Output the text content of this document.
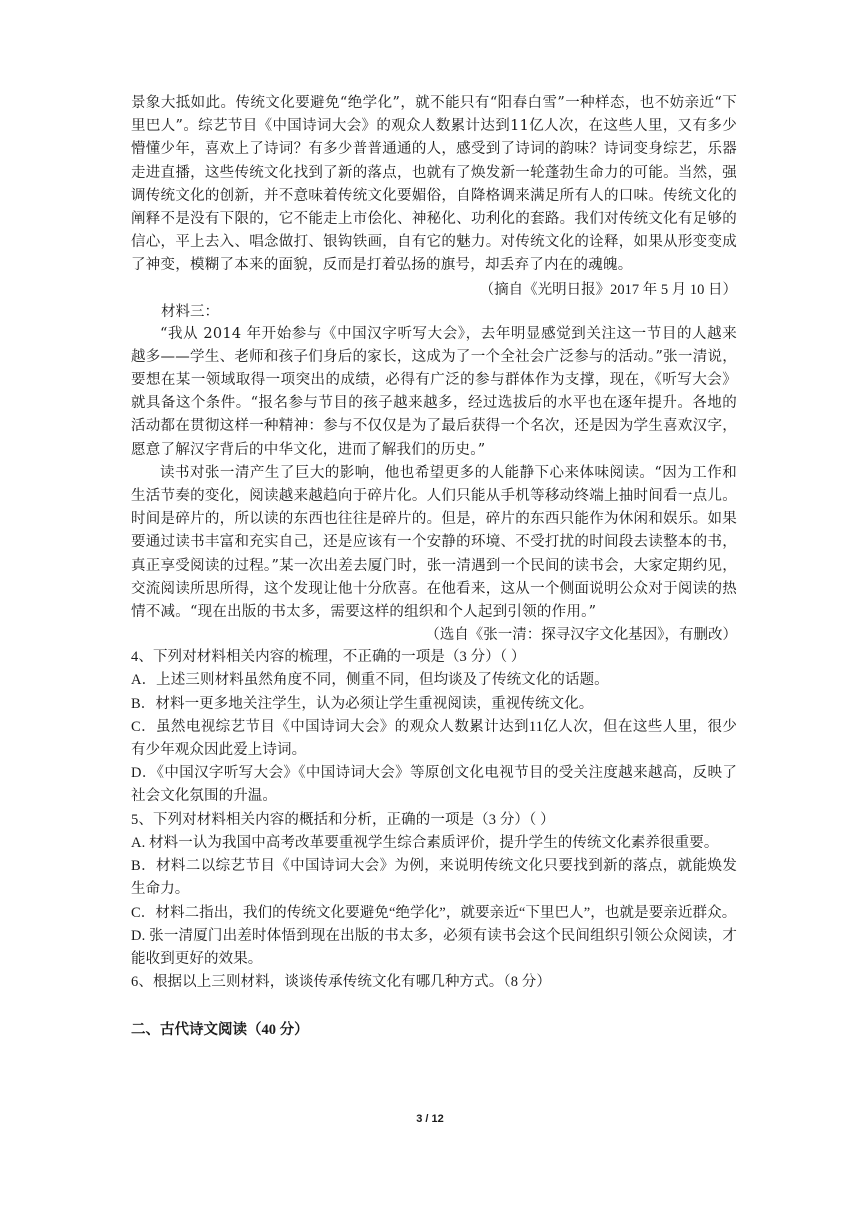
景象大抵如此。传统文化要避免“绝学化”，就不能只有“阳春白雪”一种样态，也不妨亲近“下里巴人”。综艺节目《中国诗词大会》的观众人数累计达到11亿人次，在这些人里，又有多少懵懂少年，喜欢上了诗词？有多少普普通通的人，感受到了诗词的韵味？诗词变身综艺，乐器走进直播，这些传统文化找到了新的落点，也就有了焕发新一轮蓬勃生命力的可能。当然，强调传统文化的创新，并不意味着传统文化要媚俗，自降格调来满足所有人的口味。传统文化的阐释不是没有下限的，它不能走上市侩化、神秘化、功利化的套路。我们对传统文化有足够的信心，平上去入、唱念做打、银钩铁画，自有它的魅力。对传统文化的诠释，如果从形变变成了神变，模糊了本来的面貌，反而是打着弘扬的旗号，却丢弃了内在的魂魄。

（摘自《光明日报》2017 年 5 月 10 日）

材料三：

“我从 2014 年开始参与《中国汉字听写大会》，去年明显感觉到关注这一节目的人越来越多——学生、老师和孩子们身后的家长，这成为了一个全社会广泛参与的活动。”张一清说，要想在某一领域取得一项突出的成绩，必得有广泛的参与群体作为支撑，现在，《听写大会》就具备这个条件。“报名参与节目的孩子越来越多，经过选拔后的水平也在逐年提升。各地的活动都在贯彻这样一种精神：参与不仅仅是为了最后获得一个名次，还是因为学生喜欢汉字，愿意了解汉字背后的中华文化，进而了解我们的历史。”

读书对张一清产生了巨大的影响，他也希望更多的人能静下心来体味阅读。“因为工作和生活节奏的变化，阅读越来越趋向于碎片化。人们只能从手机等移动终端上抽时间看一点儿。时间是碎片的，所以读的东西也往往是碎片的。但是，碎片的东西只能作为休闲和娱乐。如果要通过读书丰富和充实自己，还是应该有一个安静的环境、不受打扰的时间段去读整本的书，真正享受阅读的过程。”某一次出差去厦门时，张一清遇到一个民间的读书会，大家定期约见，交流阅读所思所得，这个发现让他十分欣喜。在他看来，这从一个侧面说明公众对于阅读的热情不减。“现在出版的书太多，需要这样的组织和个人起到引领的作用。”

（选自《张一清：探寻汉字文化基因》，有删改）

4、下列对材料相关内容的梳理，不正确的一项是（3 分）（ ）

A．上述三则材料虽然角度不同，侧重不同，但均谈及了传统文化的话题。

B．材料一更多地关注学生，认为必须让学生重视阅读，重视传统文化。

C．虽然电视综艺节目《中国诗词大会》的观众人数累计达到11亿人次，但在这些人里，很少有少年观众因此爱上诗词。

D．《中国汉字听写大会》《中国诗词大会》等原创文化电视节目的受关注度越来越高，反映了社会文化氛围的升温。

5、下列对材料相关内容的概括和分析，正确的一项是（3 分）（ ）

A. 材料一认为我国中高考改革要重视学生综合素质评价，提升学生的传统文化素养很重要。

B．材料二以综艺节目《中国诗词大会》为例，来说明传统文化只要找到新的落点，就能焕发生命力。

C．材料二指出，我们的传统文化要避免“绝学化”，就要亲近“下里巴人”，也就是要亲近群众。

D. 张一清厦门出差时体悟到现在出版的书太多，必须有读书会这个民间组织引领公众阅读，才能收到更好的效果。

6、根据以上三则材料，谈谈传承传统文化有哪几种方式。（8 分）

二、古代诗文阅读（40 分）

3 / 12
